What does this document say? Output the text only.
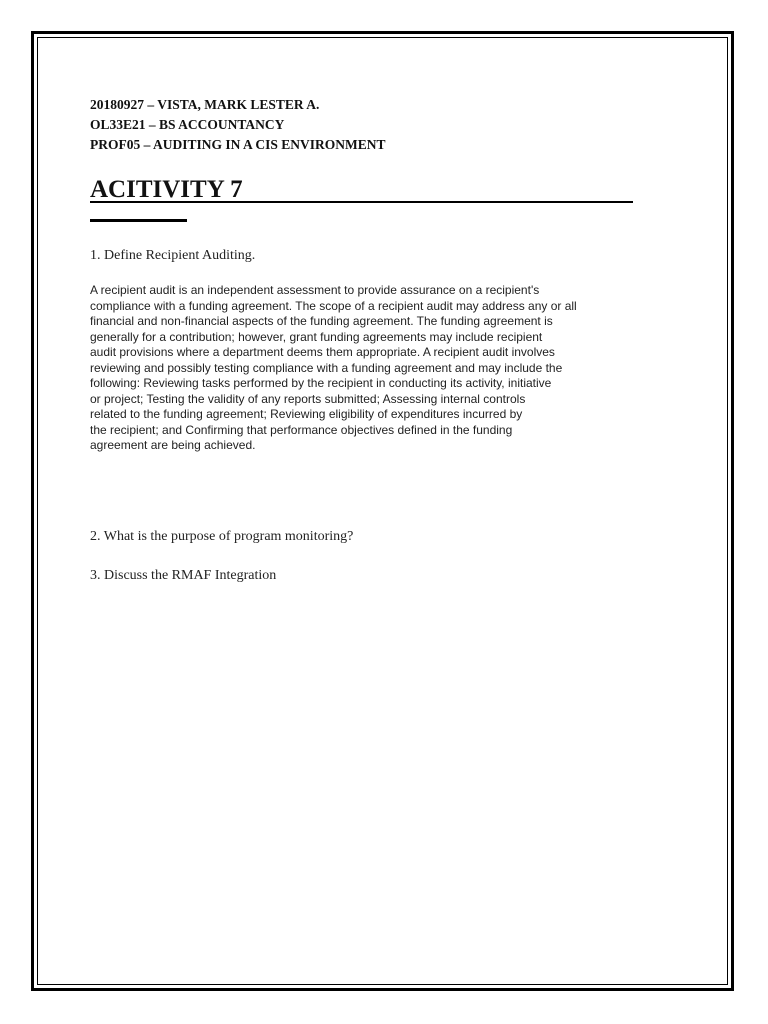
20180927 – VISTA, MARK LESTER A.
OL33E21 – BS ACCOUNTANCY
PROF05 – AUDITING IN A CIS ENVIRONMENT
ACITIVITY 7
1. Define Recipient Auditing.
A recipient audit is an independent assessment to provide assurance on a recipient's
compliance with a funding agreement. The scope of a recipient audit may address any or all
financial and non-financial aspects of the funding agreement. The funding agreement is
generally for a contribution; however, grant funding agreements may include recipient
audit provisions where a department deems them appropriate. A recipient audit involves
reviewing and possibly testing compliance with a funding agreement and may include the
following: Reviewing tasks performed by the recipient in conducting its activity, initiative
or project; Testing the validity of any reports submitted; Assessing internal controls
related to the funding agreement; Reviewing eligibility of expenditures incurred by
the recipient; and Confirming that performance objectives defined in the funding
agreement are being achieved.
2. What is the purpose of program monitoring?
3. Discuss the RMAF Integration
